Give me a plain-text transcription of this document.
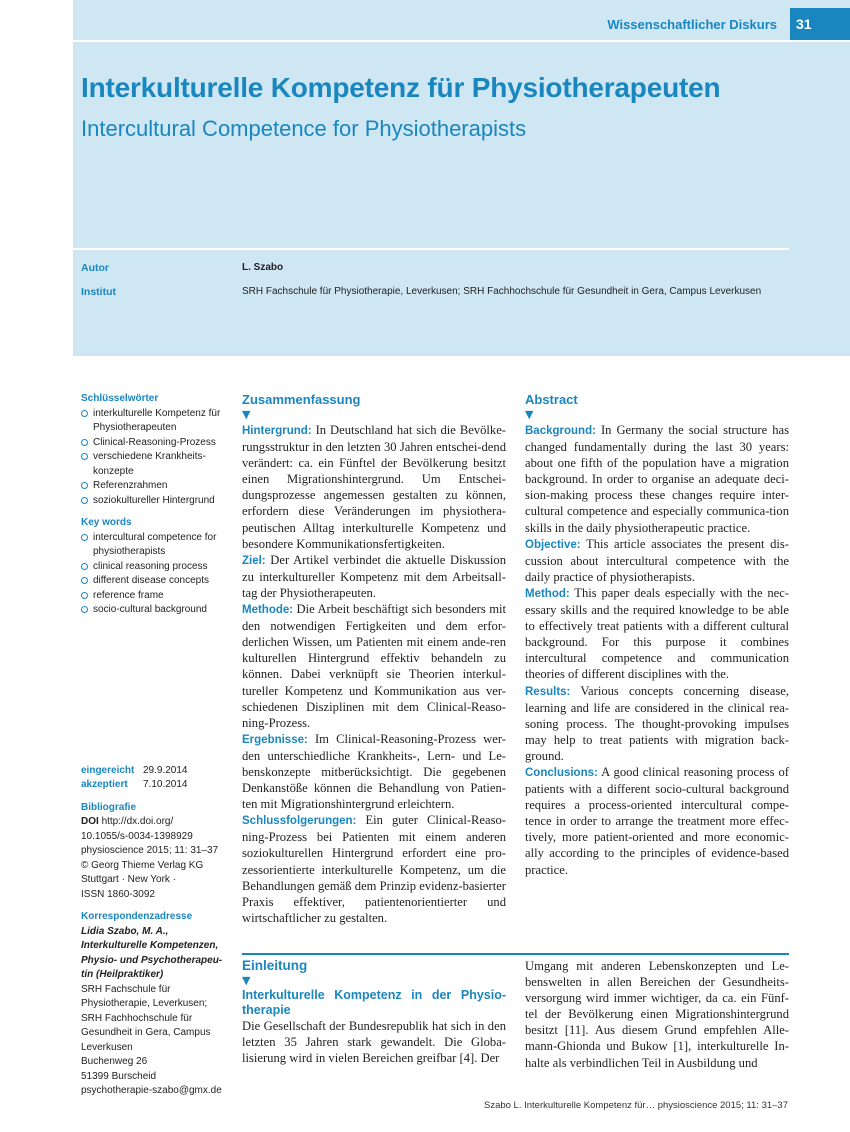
Wissenschaftlicher Diskurs	31
Interkulturelle Kompetenz für Physiotherapeuten
Intercultural Competence for Physiotherapists
Autor	L. Szabo
Institut	SRH Fachschule für Physiotherapie, Leverkusen; SRH Fachhochschule für Gesundheit in Gera, Campus Leverkusen
Schlüsselwörter
interkulturelle Kompetenz für Physiotherapeuten
Clinical-Reasoning-Prozess
verschiedene Krankheits-konzepte
Referenzrahmen
soziokultureller Hintergrund
Key words
intercultural competence for physiotherapists
clinical reasoning process
different disease concepts
reference frame
socio-cultural background
eingereicht 29.9.2014
akzeptiert 7.10.2014
Bibliografie
DOI http://dx.doi.org/
10.1055/s-0034-1398929
physioscience 2015; 11: 31–37
© Georg Thieme Verlag KG
Stuttgart · New York ·
ISSN 1860-3092
Korrespondenzadresse
Lidia Szabo, M. A., Interkulturelle Kompetenzen, Physio- und Psychotherapeu-tin (Heilpraktiker)
SRH Fachschule für Physiotherapie, Leverkusen; SRH Fachhochschule für Gesundheit in Gera, Campus Leverkusen
Buchenweg 26
51399 Burscheid
psychotherapie-szabo@gmx.de
Zusammenfassung
▼
Hintergrund: In Deutschland hat sich die Bevölke-rungsstruktur in den letzten 30 Jahren entschei-dend verändert: ca. ein Fünftel der Bevölkerung besitzt einen Migrationshintergrund. Um Entschei-dungsprozesse angemessen gestalten zu können, erfordern diese Veränderungen im physiothera-peutischen Alltag interkulturelle Kompetenz und besondere Kommunikationsfertigkeiten.
Ziel: Der Artikel verbindet die aktuelle Diskussion zu interkultureller Kompetenz mit dem Arbeitsall-tag der Physiotherapeuten.
Methode: Die Arbeit beschäftigt sich besonders mit den notwendigen Fertigkeiten und dem erfor-derlichen Wissen, um Patienten mit einem ande-ren kulturellen Hintergrund effektiv behandeln zu können. Dabei verknüpft sie Theorien interkul-tureller Kompetenz und Kommunikation aus ver-schiedenen Disziplinen mit dem Clinical-Reaso-ning-Prozess.
Ergebnisse: Im Clinical-Reasoning-Prozess wer-den unterschiedliche Krankheits-, Lern- und Le-benskonzepte mitberücksichtigt. Die gegebenen Denkanstöße können die Behandlung von Patien-ten mit Migrationshintergrund erleichtern.
Schlussfolgerungen: Ein guter Clinical-Reaso-ning-Prozess bei Patienten mit einem anderen soziokulturellen Hintergrund erfordert eine pro-zessorientierte interkulturelle Kompetenz, um die Behandlungen gemäß dem Prinzip evidenz-basierter Praxis effektiver, patientenorientierter und wirtschaftlicher zu gestalten.
Abstract
▼
Background: In Germany the social structure has changed fundamentally during the last 30 years: about one fifth of the population have a migration background. In order to organise an adequate deci-sion-making process these changes require inter-cultural competence and especially communica-tion skills in the daily physiotherapeutic practice.
Objective: This article associates the present dis-cussion about intercultural competence with the daily practice of physiotherapists.
Method: This paper deals especially with the nec-essary skills and the required knowledge to be able to effectively treat patients with a different cultural background. For this purpose it combines intercultural competence and communication theories of different disciplines with the.
Results: Various concepts concerning disease, learning and life are considered in the clinical rea-soning process. The thought-provoking impulses may help to treat patients with migration back-ground.
Conclusions: A good clinical reasoning process of patients with a different socio-cultural background requires a process-oriented intercultural compe-tence in order to arrange the treatment more effec-tively, more patient-oriented and more economic-ally according to the principles of evidence-based practice.
Einleitung
▼
Interkulturelle Kompetenz in der Physio-therapie
Die Gesellschaft der Bundesrepublik hat sich in den letzten 35 Jahren stark gewandelt. Die Globa-lisierung wird in vielen Bereichen greifbar [4]. Der
Umgang mit anderen Lebenskonzepten und Le-benswelten in allen Bereichen der Gesundheits-versorgung wird immer wichtiger, da ca. ein Fünf-tel der Bevölkerung einen Migrationshintergrund besitzt [11]. Aus diesem Grund empfehlen Alle-mann-Ghionda und Bukow [1], interkulturelle In-halte als verbindlichen Teil in Ausbildung und
Szabo L. Interkulturelle Kompetenz für… physioscience 2015; 11: 31–37
